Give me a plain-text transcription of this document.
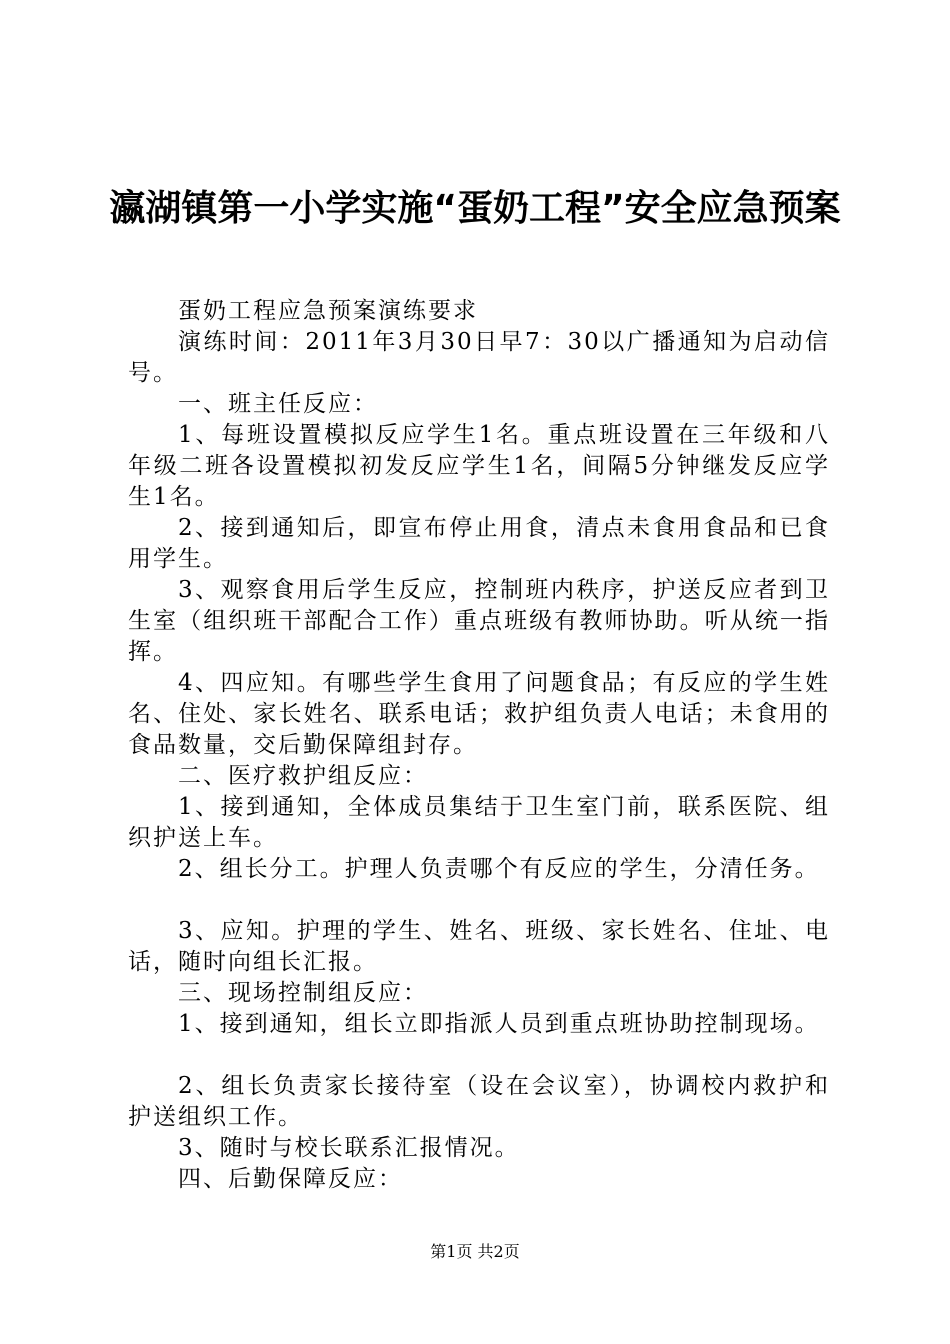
瀛湖镇第一小学实施“蛋奶工程”安全应急预案

蛋奶工程应急预案演练要求

演练时间：2011年3月30日早7：30以广播通知为启动信号。

一、班主任反应：

1、每班设置模拟反应学生1名。重点班设置在三年级和八年级二班各设置模拟初发反应学生1名，间隔5分钟继发反应学生1名。

2、接到通知后，即宣布停止用食，清点未食用食品和已食用学生。

3、观察食用后学生反应，控制班内秩序，护送反应者到卫生室（组织班干部配合工作）重点班级有教师协助。听从统一指挥。

4、四应知。有哪些学生食用了问题食品；有反应的学生姓名、住处、家长姓名、联系电话；救护组负责人电话；未食用的食品数量，交后勤保障组封存。

二、医疗救护组反应：

1、接到通知，全体成员集结于卫生室门前，联系医院、组织护送上车。

2、组长分工。护理人负责哪个有反应的学生，分清任务。

3、应知。护理的学生、姓名、班级、家长姓名、住址、电话，随时向组长汇报。

三、现场控制组反应：

1、接到通知，组长立即指派人员到重点班协助控制现场。

2、组长负责家长接待室（设在会议室），协调校内救护和护送组织工作。

3、随时与校长联系汇报情况。

四、后勤保障反应：

第1页 共2页
